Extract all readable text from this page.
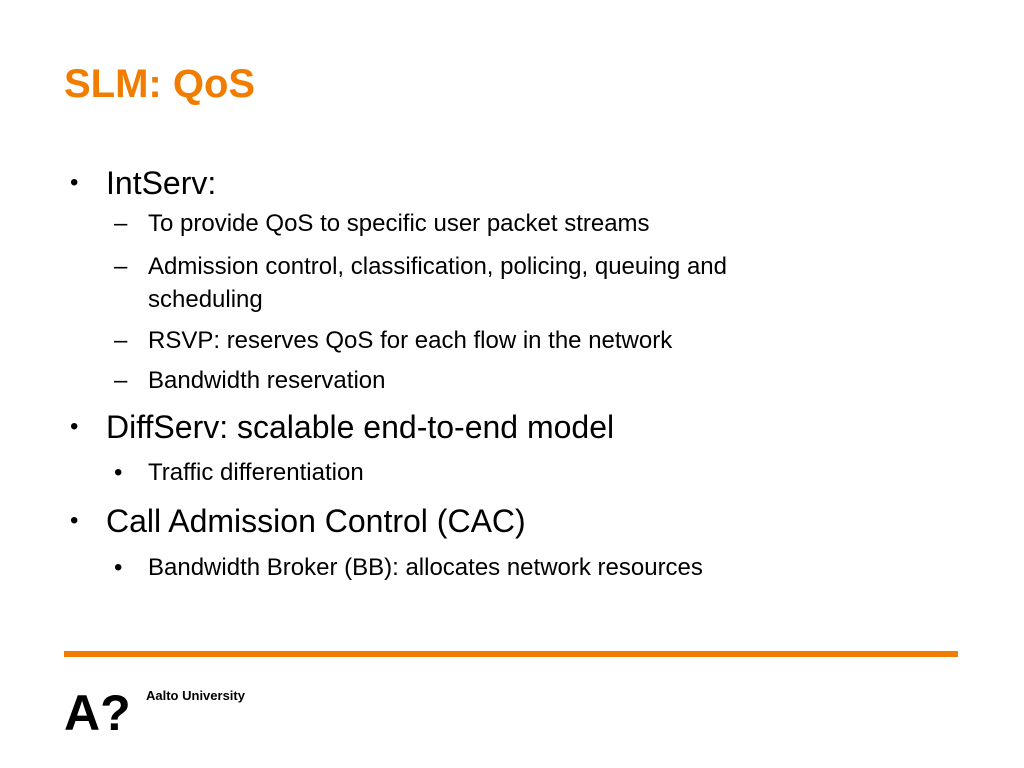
SLM: QoS
• IntServ:
– To provide QoS to specific user packet streams
– Admission control, classification, policing, queuing and
scheduling
– RSVP: reserves QoS for each flow in the network
– Bandwidth reservation
• DiffServ: scalable end-to-end model
• Traffic differentiation
• Call Admission Control (CAC)
• Bandwidth Broker (BB): allocates network resources
A? Aalto University
